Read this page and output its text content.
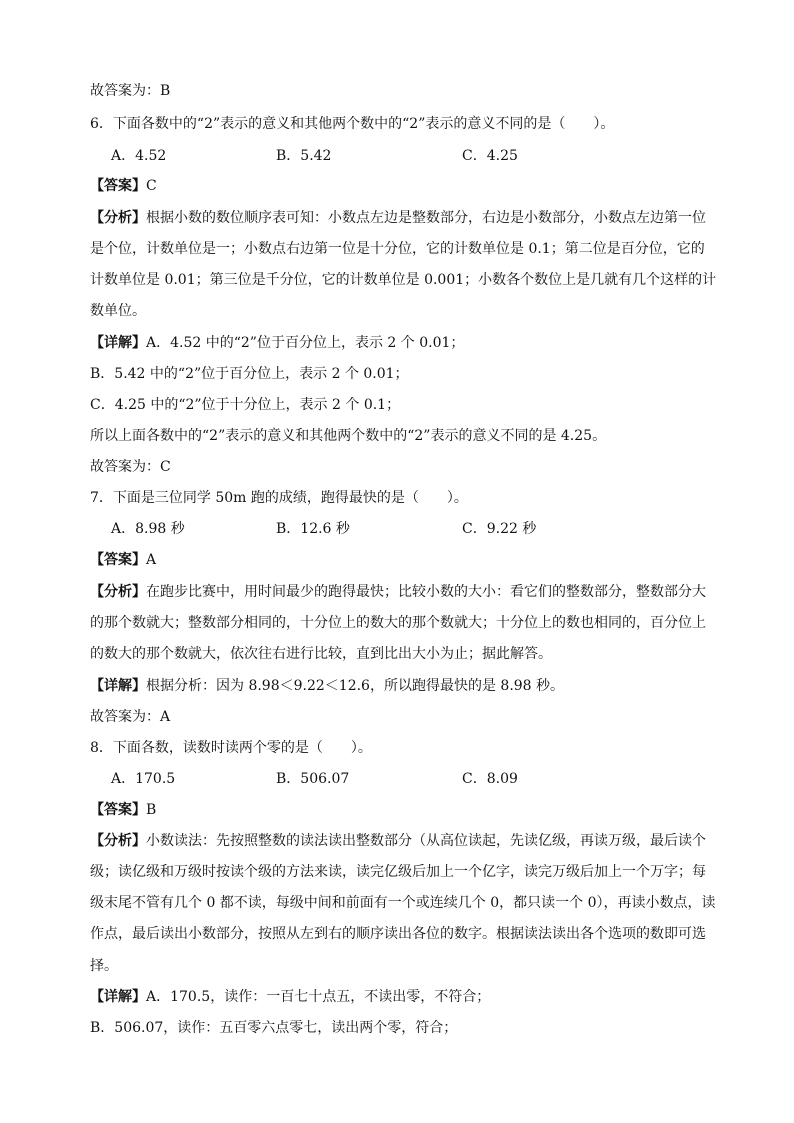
故答案为：B
6．下面各数中的“2”表示的意义和其他两个数中的“2”表示的意义不同的是（　　）。
A．4.52	B．5.42	C．4.25
【答案】C
【分析】根据小数的数位顺序表可知：小数点左边是整数部分，右边是小数部分，小数点左边第一位
是个位，计数单位是一；小数点右边第一位是十分位，它的计数单位是 0.1；第二位是百分位，它的
计数单位是 0.01；第三位是千分位，它的计数单位是 0.001；小数各个数位上是几就有几个这样的计
数单位。
【详解】A．4.52 中的“2”位于百分位上，表示 2 个 0.01；
B．5.42 中的“2”位于百分位上，表示 2 个 0.01；
C．4.25 中的“2”位于十分位上，表示 2 个 0.1；
所以上面各数中的“2”表示的意义和其他两个数中的“2”表示的意义不同的是 4.25。
故答案为：C
7．下面是三位同学 50m 跑的成绩，跑得最快的是（　　）。
A．8.98 秒	B．12.6 秒	C．9.22 秒
【答案】A
【分析】在跑步比赛中，用时间最少的跑得最快；比较小数的大小：看它们的整数部分，整数部分大
的那个数就大；整数部分相同的，十分位上的数大的那个数就大；十分位上的数也相同的，百分位上
的数大的那个数就大，依次往右进行比较，直到比出大小为止；据此解答。
【详解】根据分析：因为 8.98＜9.22＜12.6，所以跑得最快的是 8.98 秒。
故答案为：A
8．下面各数，读数时读两个零的是（　　）。
A．170.5	B．506.07	C．8.09
【答案】B
【分析】小数读法：先按照整数的读法读出整数部分（从高位读起，先读亿级，再读万级，最后读个
级；读亿级和万级时按读个级的方法来读，读完亿级后加上一个亿字，读完万级后加上一个万字；每
级末尾不管有几个 0 都不读，每级中间和前面有一个或连续几个 0，都只读一个 0），再读小数点，读
作点，最后读出小数部分，按照从左到右的顺序读出各位的数字。根据读法读出各个选项的数即可选
择。
【详解】A．170.5，读作：一百七十点五，不读出零，不符合；
B．506.07，读作：五百零六点零七，读出两个零，符合；
